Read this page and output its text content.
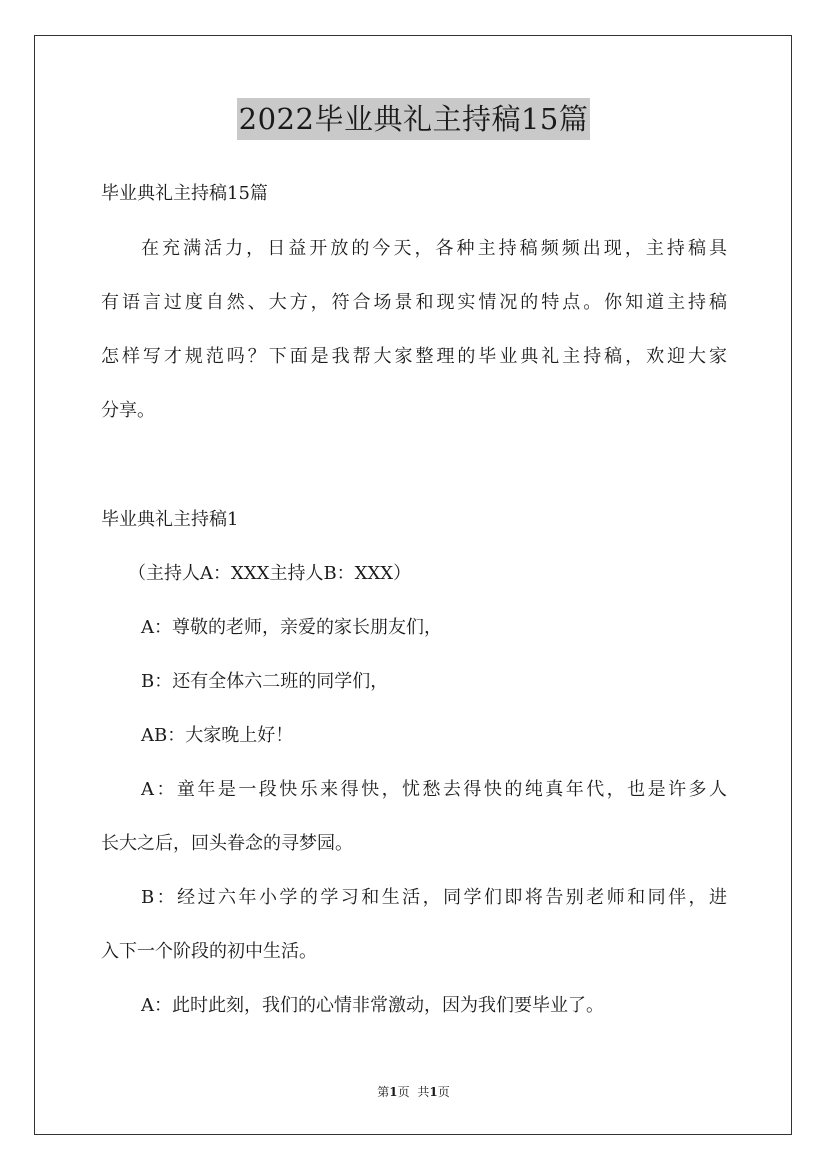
2022毕业典礼主持稿15篇

毕业典礼主持稿15篇

在充满活力，日益开放的今天，各种主持稿频频出现，主持稿具

有语言过度自然、大方，符合场景和现实情况的特点。你知道主持稿

怎样写才规范吗？下面是我帮大家整理的毕业典礼主持稿，欢迎大家

分享。

毕业典礼主持稿1

（主持人A：XXX主持人B：XXX）

A：尊敬的老师，亲爱的家长朋友们，

B：还有全体六二班的同学们，

AB：大家晚上好！

A：童年是一段快乐来得快，忧愁去得快的纯真年代，也是许多人

长大之后，回头眷念的寻梦园。

B：经过六年小学的学习和生活，同学们即将告别老师和同伴，进

入下一个阶段的初中生活。

A：此时此刻，我们的心情非常激动，因为我们要毕业了。

第1页 共1页
